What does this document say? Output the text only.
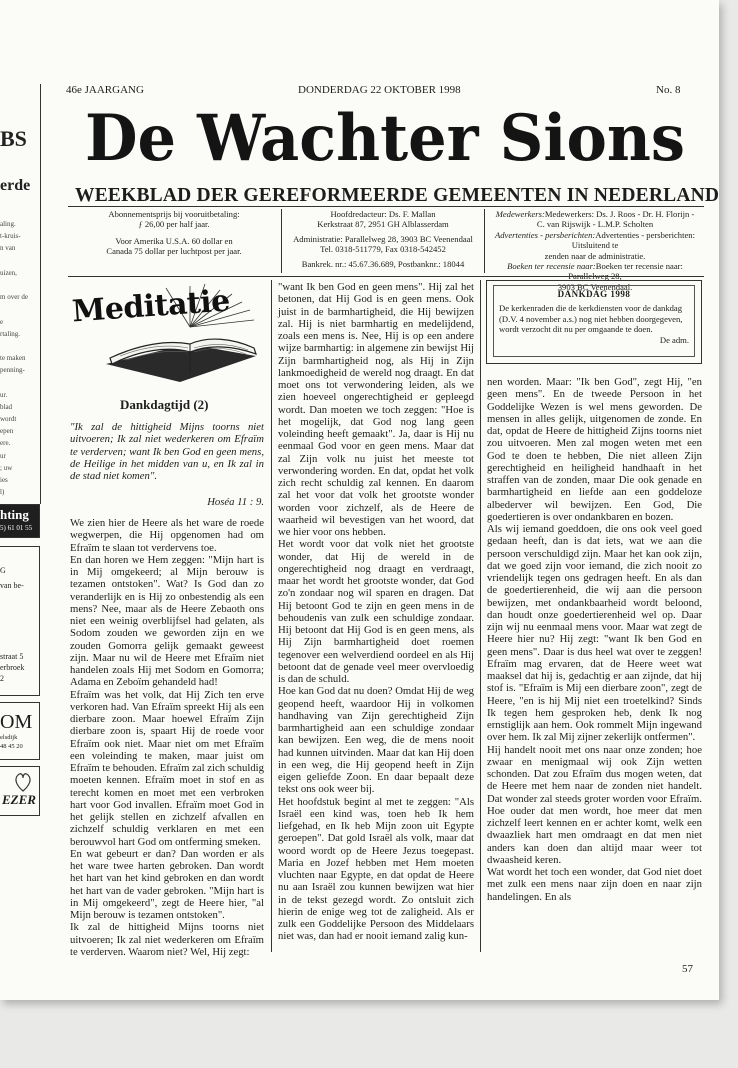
BS
erde
aling.
t-kruis-
n van
uizen,
m over de
e
rtaling.
te maken
penning-
ur.
blad
wordt
epen
ere.
ur
; uw
ies
l)
hting
5) 61 01 55
G
van be-
straat 5
erbroek
2
OM
elsdijk
48 45 20
EZER
46e JAARGANG	DONDERDAG 22 OKTOBER 1998	No. 8
De Wachter Sions
WEEKBLAD DER GEREFORMEERDE GEMEENTEN IN NEDERLAND

Abonnementsprijs bij vooruitbetaling:

ƒ 26,00 per half jaar.

Voor Amerika U.S.A. 60 dollar en

Canada 75 dollar per luchtpost per jaar.

Hoofdredacteur: Ds. F. Mallan

Kerkstraat 87, 2951 GH Alblasserdam

Administratie: Parallelweg 28, 3903 BC Veenendaal

Tel. 0318-511779, Fax 0318-542452

Bankrek. nr.: 45.67.36.689, Postbanknr.: 18044

Medewerkers:Medewerkers: Ds. J. Roos - Dr. H. Florijn -

C. van Rijswijk - L.M.P. Scholten

Advertenties - persberichten:Advertenties - persberichten: Uitsluitend te

zenden naar de administratie.

Boeken ter recensie naar:Boeken ter recensie naar:

3903 BC Veenendaal.

Meditatie
Dankdagtijd (2)
"Ik zal de hittigheid Mijns toorns niet uitvoeren; Ik zal niet wederkeren om Efraïm te verderven; want Ik ben God en geen mens, de Heilige in het midden van u, en Ik zal in de stad niet komen".
Hoséa 11 : 9.

We zien hier de Heere als het ware de roede wegwerpen, die Hij opgenomen had om Efraïm te slaan tot verdervens toe.

En dan horen we Hem zeggen: "Mijn hart is in Mij omgekeerd; al Mijn berouw is tezamen ontstoken". Wat? Is God dan zo veranderlijk en is Hij zo onbestendig als een mens? Nee, maar als de Heere Zebaoth ons niet een weinig overblijfsel had gelaten, als Sodom zouden we geworden zijn en we zouden Gomorra gelijk gemaakt geweest zijn. Maar nu wil de Heere met Efraïm niet handelen zoals Hij met Sodom en Gomorra; Adama en Zeboïm gehandeld had!

Efraïm was het volk, dat Hij Zich ten erve verkoren had. Van Efraïm spreekt Hij als een dierbare zoon. Maar hoewel Efraïm Zijn dierbare zoon is, spaart Hij de roede voor Efraïm ook niet. Maar niet om met Efraïm een voleinding te maken, maar juist om Efraïm te behouden. Efraïm zal zich schuldig moeten kennen. Efraïm moet in stof en as terecht komen en moet met een verbroken hart voor God invallen. Efraïm moet God in het gelijk stellen en zichzelf afvallen en zichzelf schuldig verklaren en met een berouwvol hart God om ontferming smeken.

En wat gebeurt er dan? Dan worden er als het ware twee harten gebroken. Dan wordt het hart van het kind gebroken en dan wordt het hart van de vader gebroken. "Mijn hart is in Mij omgekeerd", zegt de Heere hier, "al Mijn berouw is tezamen ontstoken".

Ik zal de hittigheid Mijns toorns niet uitvoeren; Ik zal niet wederkeren om Efraïm te verderven. Waarom niet? Wel, Hij zegt:

"want Ik ben God en geen mens". Hij zal het betonen, dat Hij God is en geen mens. Ook juist in de barmhartigheid, die Hij bewijzen zal. Hij is niet barmhartig en medelijdend, zoals een mens is. Nee, Hij is op een andere wijze barmhartig: in algemene zin bewijst Hij Zijn barmhartigheid nog, als Hij in Zijn lankmoedigheid de wereld nog draagt. En dat moet ons tot verwondering leiden, als we zien hoeveel ongerechtigheid er gepleegd wordt. Dan moeten we toch zeggen: "Hoe is het mogelijk, dat God nog lang geen voleinding heeft gemaakt". Ja, daar is Hij nu eenmaal God voor en geen mens. Maar dat zal Zijn volk nu juist het meeste tot verwondering worden. En dat, opdat het volk zich recht schuldig zal kennen. En daarom zal het voor dat volk het grootste wonder worden voor zichzelf, als de Heere de waarheid wil bevestigen van het woord, dat we hier voor ons hebben.

Het wordt voor dat volk niet het grootste wonder, dat Hij de wereld in de ongerechtigheid nog draagt en verdraagt, maar het wordt het grootste wonder, dat God zo'n zondaar nog wil sparen en dragen. Dat Hij betoont God te zijn en geen mens in de behoudenis van zulk een schuldige zondaar. Hij betoont dat Hij God is en geen mens, als Hij Zijn barmhartigheid doet roemen tegenover een welverdiend oordeel en als Hij betoont dat de genade veel meer overvloedig is dan de schuld.

Hoe kan God dat nu doen? Omdat Hij de weg geopend heeft, waardoor Hij in volkomen handhaving van Zijn gerechtigheid Zijn barmhartigheid aan een schuldige zondaar kan bewijzen. Een weg, die de mens nooit had kunnen uitvinden. Maar dat kan Hij doen in een weg, die Hij geopend heeft in Zijn eigen geliefde Zoon. En daar bepaalt deze tekst ons ook weer bij.

Het hoofdstuk begint al met te zeggen: "Als Israël een kind was, toen heb Ik hem liefgehad, en Ik heb Mijn zoon uit Egypte geroepen". Dat gold Israël als volk, maar dat woord wordt op de Heere Jezus toegepast. Maria en Jozef hebben met Hem moeten vluchten naar Egypte, en dat opdat de Heere nu aan Israël zou kunnen bewijzen wat hier in de tekst gezegd wordt. Zo ontsluit zich hierin de enige weg tot de zaligheid. Als er zulk een Goddelijke Persoon des Middelaars niet was, dan had er nooit iemand zalig kun-

DANKDAG 1998
De kerkenraden die de kerkdiensten voor de dankdag (D.V. 4 november a.s.) nog niet hebben doorgegeven, wordt verzocht dit nu per omgaande te doen.
De adm.

nen worden. Maar: "Ik ben God", zegt Hij, "en geen mens". En de tweede Persoon in het Goddelijke Wezen is wel mens geworden. De mensen in alles gelijk, uitgenomen de zonde. En dat, opdat de Heere de hittigheid Zijns toorns niet zou uitvoeren. Men zal mogen weten met een God te doen te hebben, Die niet alleen Zijn gerechtigheid en heiligheid handhaaft in het straffen van de zonden, maar Die ook genade en barmhartigheid en liefde aan een goddeloze albederver wil bewijzen. Een God, Die goedertieren is over ondankbaren en bozen.

Als wij iemand goeddoen, die ons ook veel goed gedaan heeft, dan is dat iets, wat we aan die persoon verschuldigd zijn. Maar het kan ook zijn, dat we goed zijn voor iemand, die zich nooit zo vriendelijk tegen ons gedragen heeft. En als dan de goedertierenheid, die wij aan die persoon bewijzen, met ondankbaarheid wordt beloond, dan houdt onze goedertierenheid wel op. Daar zijn wij nu eenmaal mens voor. Maar wat zegt de Heere hier nu? Hij zegt: "want Ik ben God en geen mens". Daar is dus heel wat over te zeggen! Efraïm mag ervaren, dat de Heere weet wat maaksel dat hij is, gedachtig er aan zijnde, dat hij stof is. "Efraïm is Mij een dierbare zoon", zegt de Heere, "en is hij Mij niet een troetelkind? Sinds Ik tegen hem gesproken heb, denk Ik nog ernstiglijk aan hem. Ook rommelt Mijn ingewand over hem. Ik zal Mij zijner zekerlijk ontfermen".

Hij handelt nooit met ons naar onze zonden; hoe zwaar en menigmaal wij ook Zijn wetten schonden. Dat zou Efraïm dus mogen weten, dat de Heere met hem naar de zonden niet handelt. Dat wonder zal steeds groter worden voor Efraïm. Hoe ouder dat men wordt, hoe meer dat men zichzelf leert kennen en er achter komt, welk een dwaazliek hart men omdraagt en dat men niet anders kan doen dan altijd maar weer tot dwaasheid keren.

Wat wordt het toch een wonder, dat God niet doet met zulk een mens naar zijn doen en naar zijn handelingen. En als

57
